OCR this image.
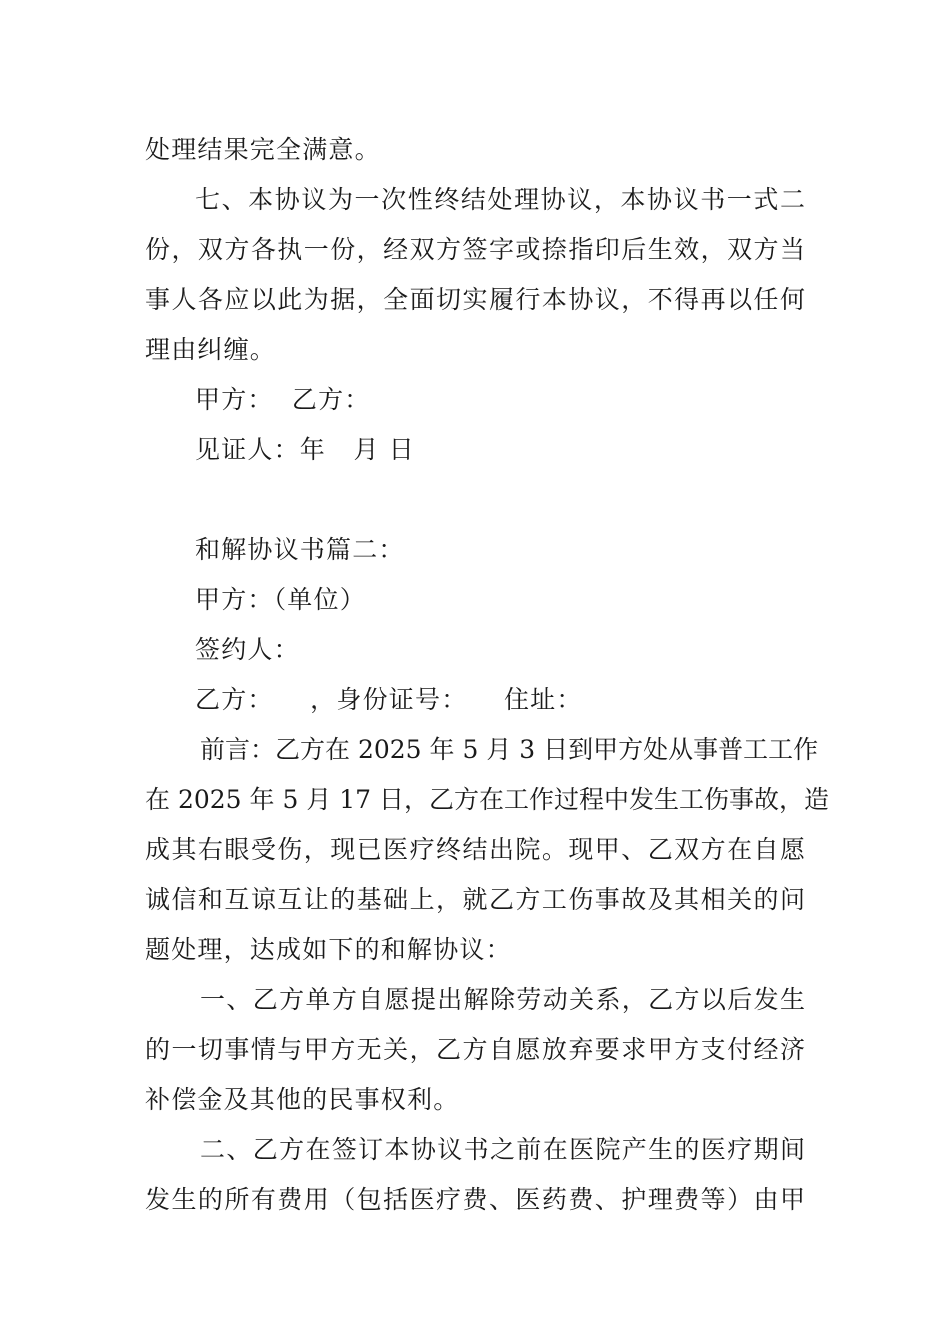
处理结果完全满意。
七、本协议为一次性终结处理协议，本协议书一式二
份，双方各执一份，经双方签字或捺指印后生效，双方当
事人各应以此为据，全面切实履行本协议，不得再以任何
理由纠缠。
甲方：  乙方：
见证人：年   月 日
和解协议书篇二：
甲方：（单位）
签约人：
乙方：    ，身份证号：    住址：
前言：乙方在 2025 年 5 月 3 日到甲方处从事普工工作
在 2025 年 5 月 17 日，乙方在工作过程中发生工伤事故，造
成其右眼受伤，现已医疗终结出院。现甲、乙双方在自愿
诚信和互谅互让的基础上，就乙方工伤事故及其相关的问
题处理，达成如下的和解协议：
一、乙方单方自愿提出解除劳动关系，乙方以后发生
的一切事情与甲方无关，乙方自愿放弃要求甲方支付经济
补偿金及其他的民事权利。
二、乙方在签订本协议书之前在医院产生的医疗期间
发生的所有费用（包括医疗费、医药费、护理费等）由甲
